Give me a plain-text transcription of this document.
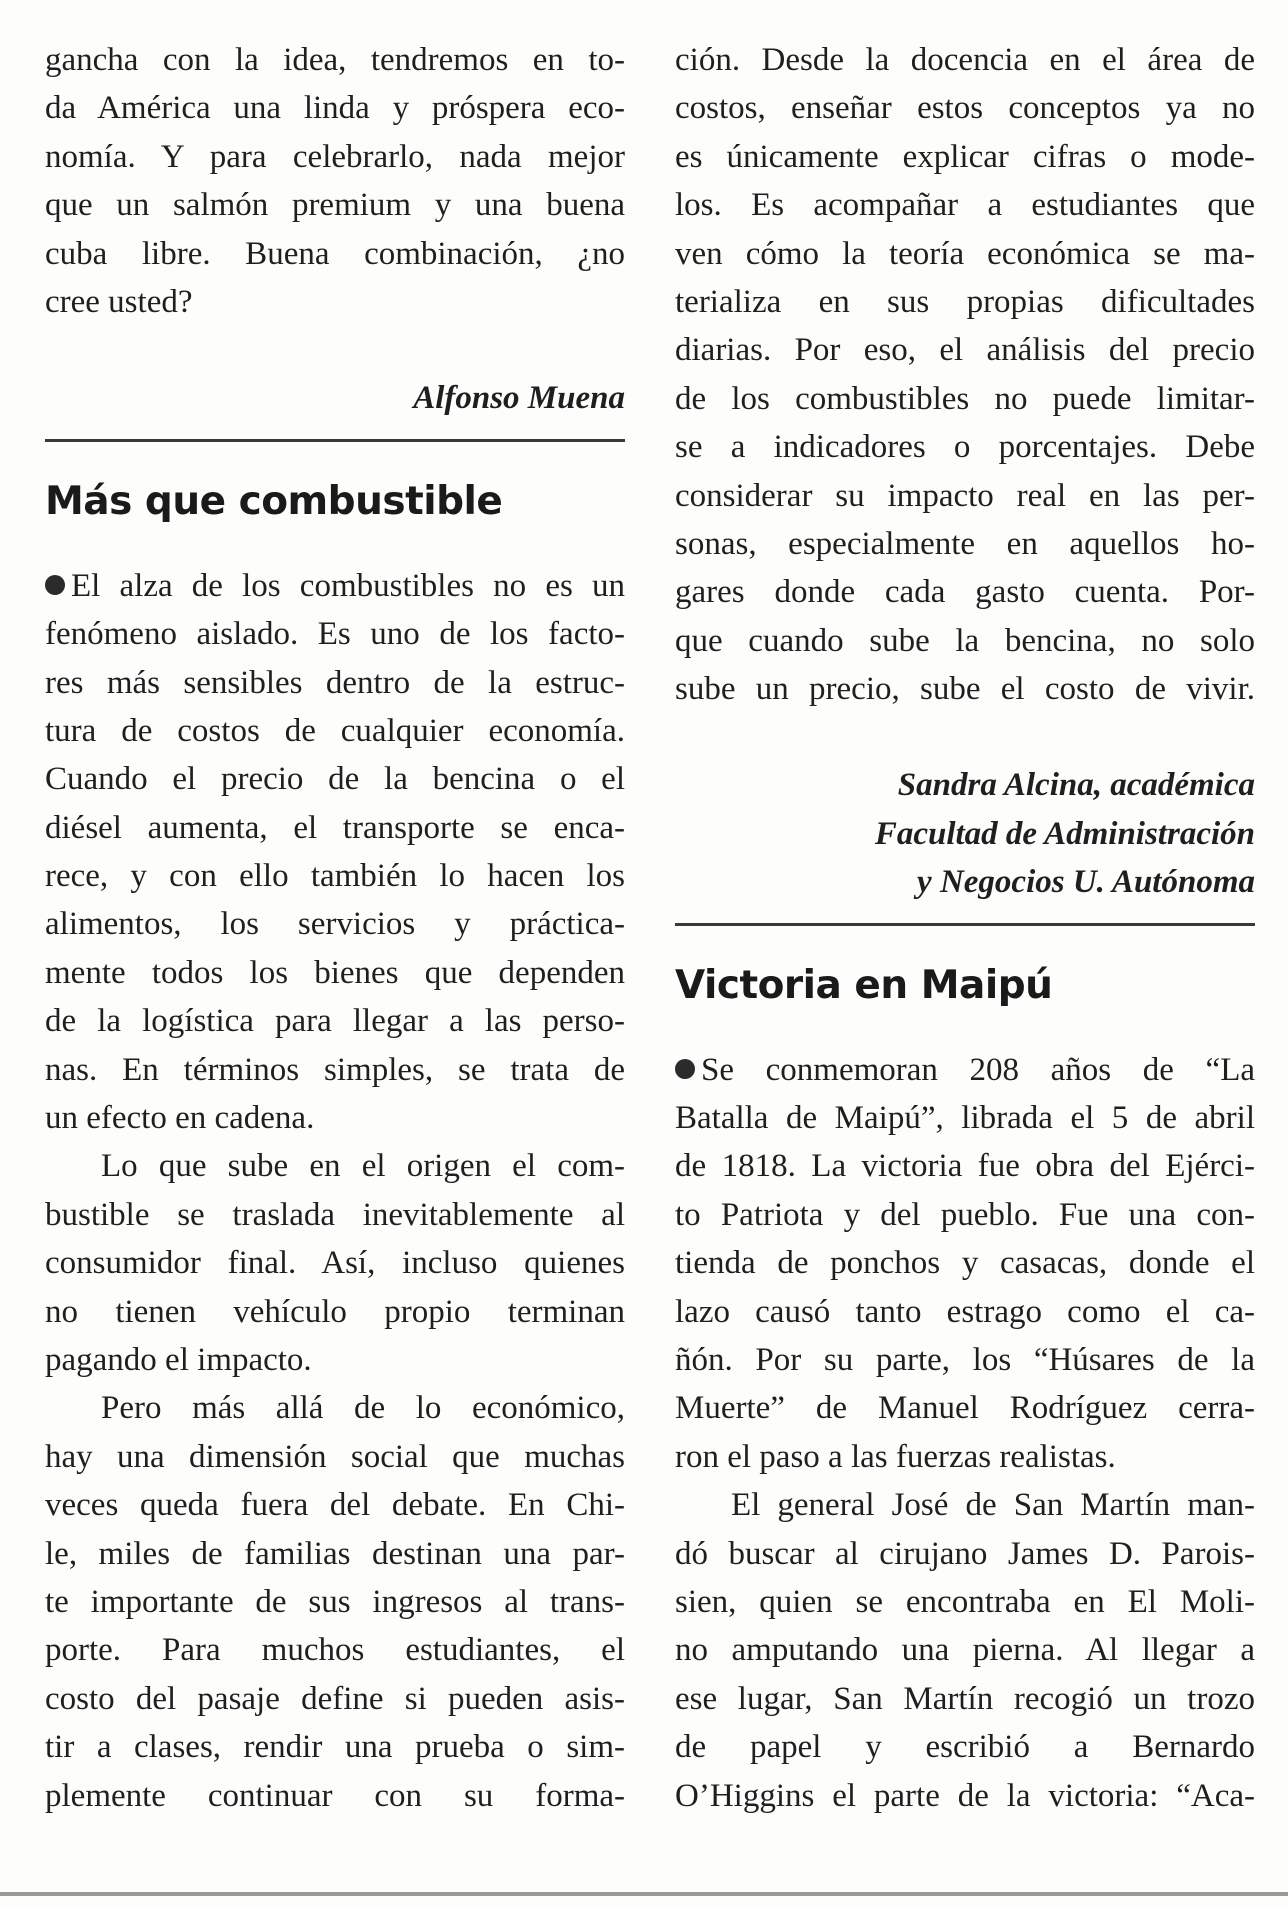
gancha con la idea, tendremos en to-
da América una linda y próspera eco-
nomía. Y para celebrarlo, nada mejor
que un salmón premium y una buena
cuba libre. Buena combinación, ¿no
cree usted?
Alfonso Muena
Más que combustible
El alza de los combustibles no es un
fenómeno aislado. Es uno de los facto-
res más sensibles dentro de la estruc-
tura de costos de cualquier economía.
Cuando el precio de la bencina o el
diésel aumenta, el transporte se enca-
rece, y con ello también lo hacen los
alimentos, los servicios y práctica-
mente todos los bienes que dependen
de la logística para llegar a las perso-
nas. En términos simples, se trata de
un efecto en cadena.
Lo que sube en el origen el com-
bustible se traslada inevitablemente al
consumidor final. Así, incluso quienes
no tienen vehículo propio terminan
pagando el impacto.
Pero más allá de lo económico,
hay una dimensión social que muchas
veces queda fuera del debate. En Chi-
le, miles de familias destinan una par-
te importante de sus ingresos al trans-
porte. Para muchos estudiantes, el
costo del pasaje define si pueden asis-
tir a clases, rendir una prueba o sim-
plemente continuar con su forma-
ción. Desde la docencia en el área de
costos, enseñar estos conceptos ya no
es únicamente explicar cifras o mode-
los. Es acompañar a estudiantes que
ven cómo la teoría económica se ma-
terializa en sus propias dificultades
diarias. Por eso, el análisis del precio
de los combustibles no puede limitar-
se a indicadores o porcentajes. Debe
considerar su impacto real en las per-
sonas, especialmente en aquellos ho-
gares donde cada gasto cuenta. Por-
que cuando sube la bencina, no solo
sube un precio, sube el costo de vivir.
Sandra Alcina, académica
Facultad de Administración
y Negocios U. Autónoma
Victoria en Maipú
Se conmemoran 208 años de “La
Batalla de Maipú”, librada el 5 de abril
de 1818. La victoria fue obra del Ejérci-
to Patriota y del pueblo. Fue una con-
tienda de ponchos y casacas, donde el
lazo causó tanto estrago como el ca-
ñón. Por su parte, los “Húsares de la
Muerte” de Manuel Rodríguez cerra-
ron el paso a las fuerzas realistas.
El general José de San Martín man-
dó buscar al cirujano James D. Parois-
sien, quien se encontraba en El Moli-
no amputando una pierna. Al llegar a
ese lugar, San Martín recogió un trozo
de papel y escribió a Bernardo
O’Higgins el parte de la victoria: “Aca-
